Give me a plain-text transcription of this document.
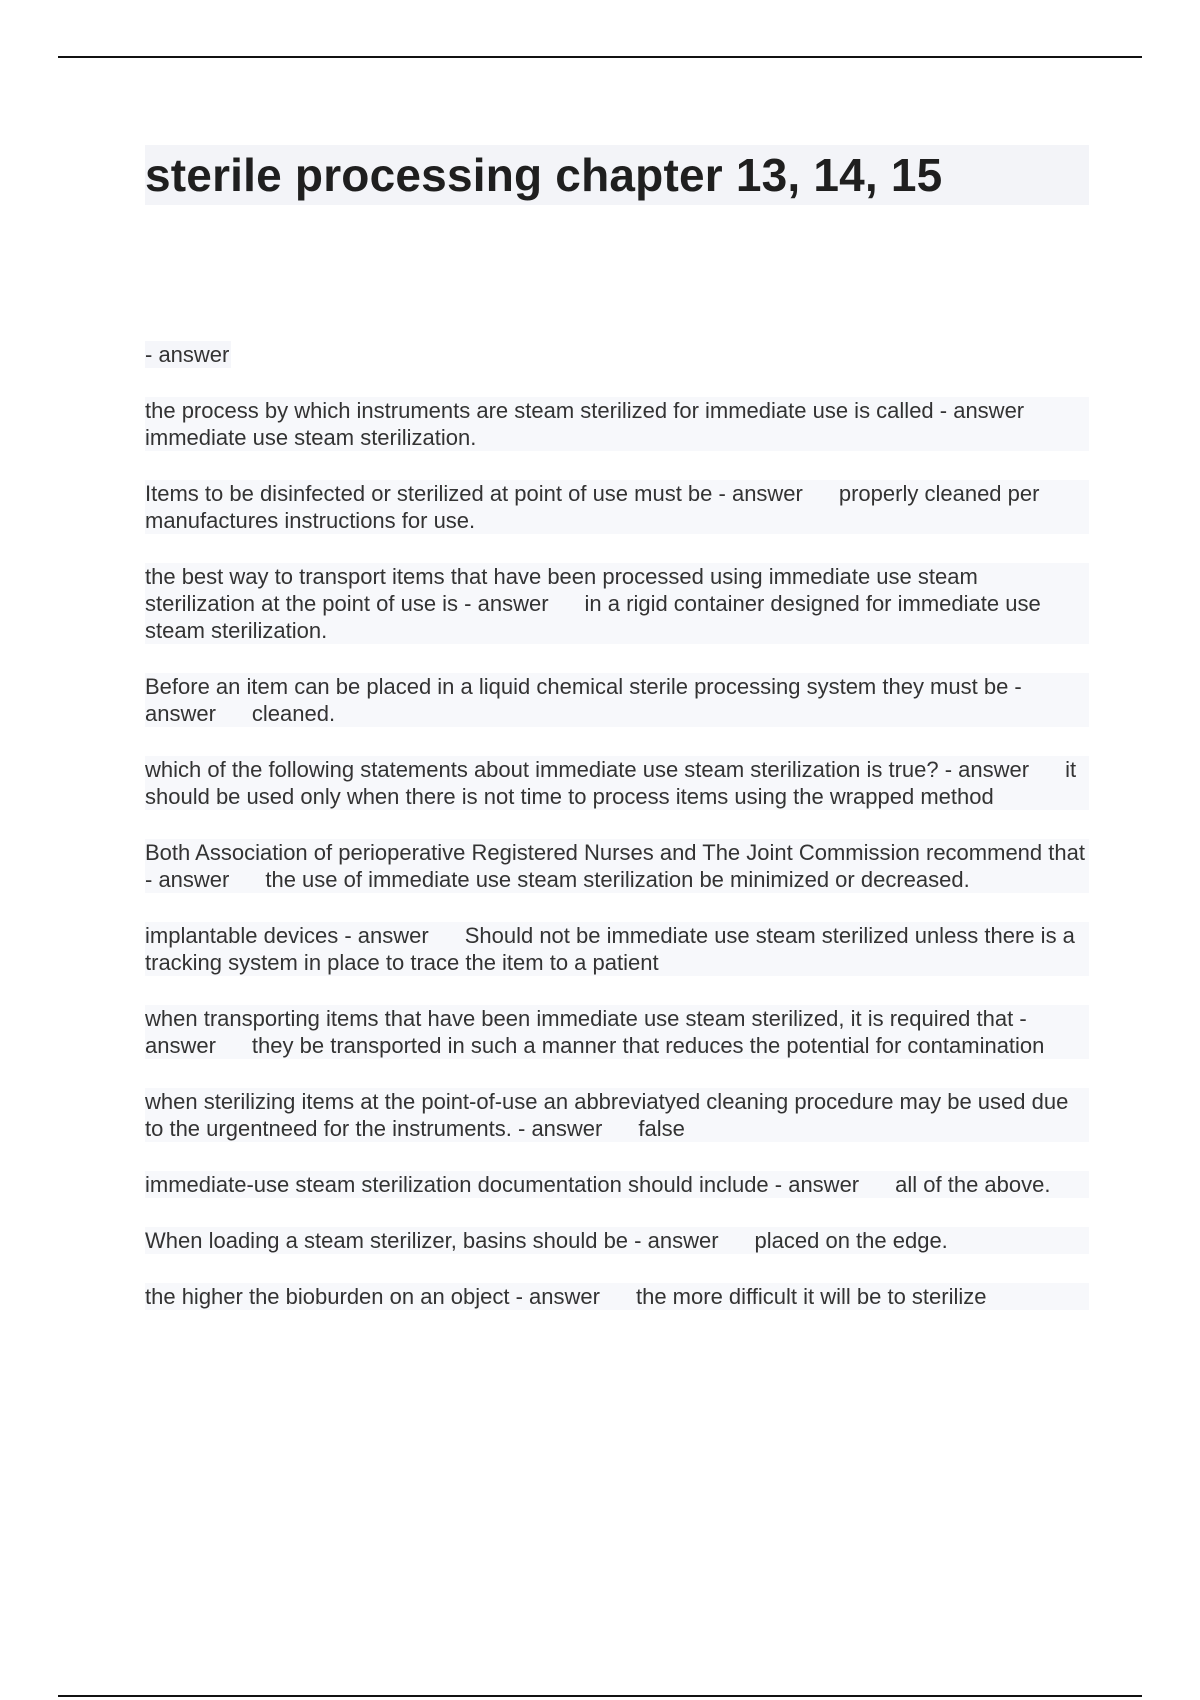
sterile processing chapter 13, 14, 15
- answer

the process by which instruments are steam sterilized for immediate use is called - answerimmediate use steam sterilization.

Items to be disinfected or sterilized at point of use must be - answer properly cleaned per manufactures instructions for use.

the best way to transport items that have been processed using immediate use steam sterilization at the point of use is - answer in a rigid container designed for immediate use steam sterilization.

Before an item can be placed in a liquid chemical sterile processing system they must be - answer cleaned.

which of the following statements about immediate use steam sterilization is true? - answer it should be used only when there is not time to process items using the wrapped method

Both Association of perioperative Registered Nurses and The Joint Commission recommend that - answer the use of immediate use steam sterilization be minimized or decreased.

implantable devices - answer Should not be immediate use steam sterilized unless there is a tracking system in place to trace the item to a patient

when transporting items that have been immediate use steam sterilized, it is required that - answer they be transported in such a manner that reduces the potential for contamination

when sterilizing items at the point-of-use an abbreviatyed cleaning procedure may be used due to the urgentneed for the instruments. - answer false

immediate-use steam sterilization documentation should include - answer all of the above.

When loading a steam sterilizer, basins should be - answer placed on the edge.

the higher the bioburden on an object - answer the more difficult it will be to sterilize
